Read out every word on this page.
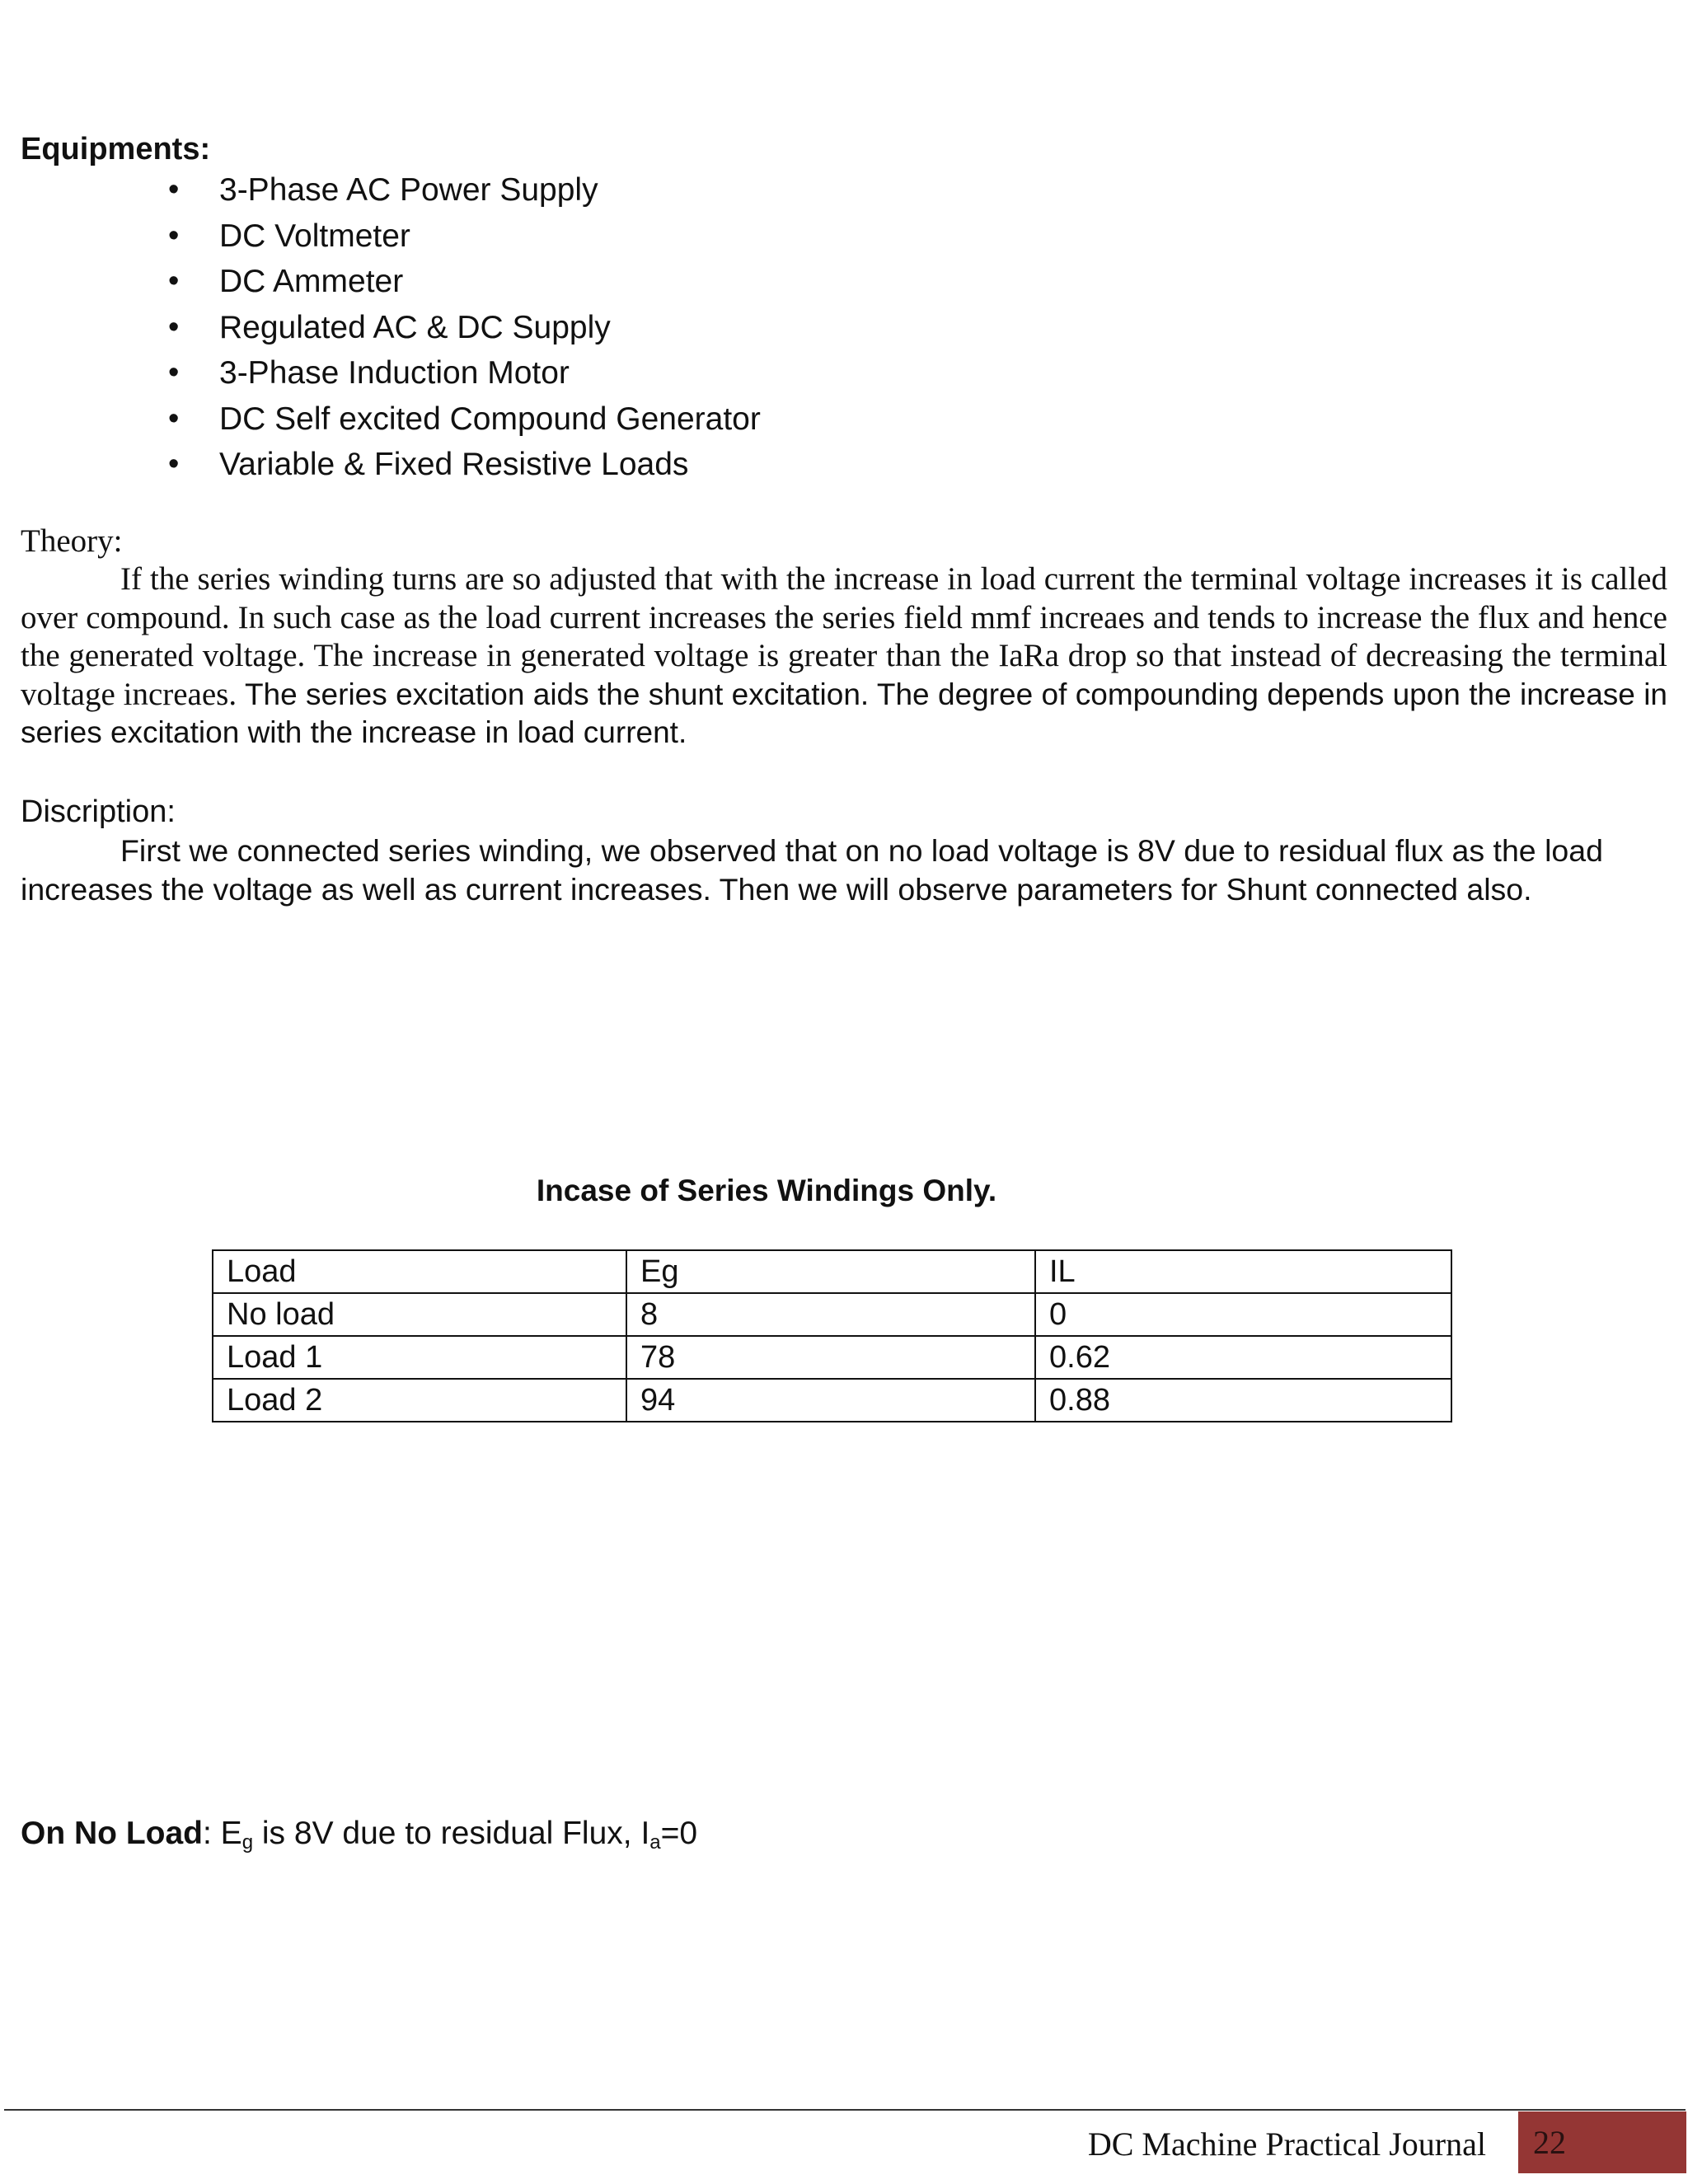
Equipments:
• 3-Phase AC Power Supply
• DC Voltmeter
• DC Ammeter
• Regulated AC & DC Supply
• 3-Phase Induction Motor
• DC Self excited Compound Generator
• Variable & Fixed Resistive Loads
Theory:

If the series winding turns are so adjusted that with the increase in load current the terminal voltage increases it is called over compound. In such case as the load current increases the series field mmf increaes and tends to increase the flux and hence the generated voltage. The increase in generated voltage is greater than the IaRa drop so that instead of decreasing the terminal voltage increaes. The series excitation aids the shunt excitation. The degree of compounding depends upon the increase in series excitation with the increase in load current.

Discription:

First we connected series winding, we observed that on no load voltage is 8V due to residual flux as the load increases the voltage as well as current increases. Then we will observe parameters for Shunt connected also.

Incase of Series Windings Only.
Load	Eg	IL
No load	8	0
Load 1	78	0.62
Load 2	94	0.88
On No Load: $E_g$ is 8V due to residual Flux, $I_a=0$
DC Machine Practical Journal	22
